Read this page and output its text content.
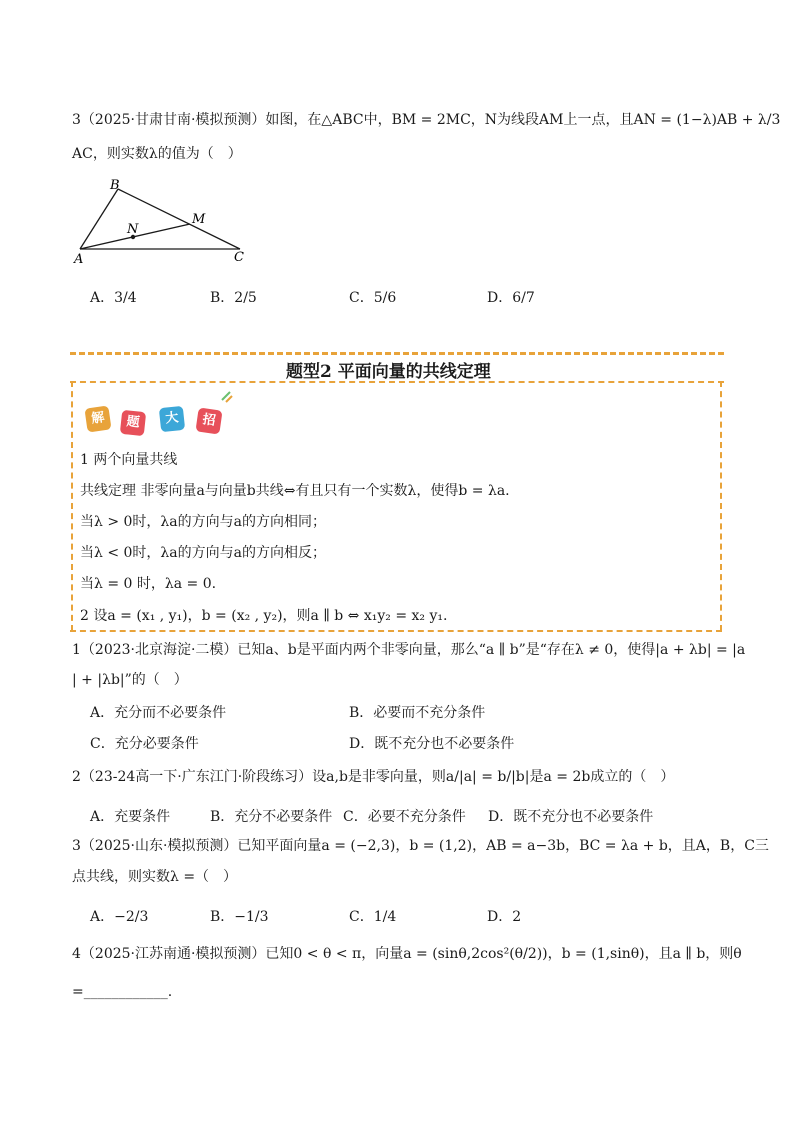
3（2025·甘肃甘南·模拟预测）如图，在△ABC中，BM = 2MC，N为线段AM上一点，且AN = (1−λ)AB + λ/3
AC，则实数λ的值为（　）
B
M
N
A	C
A．3/4	B．2/5	C．5/6	D．6/7
题型2 平面向量的共线定理
解	题	大	招
1 两个向量共线
共线定理 非零向量a与向量b共线⇔有且只有一个实数λ，使得b = λa.
当λ > 0时，λa的方向与a的方向相同；
当λ < 0时，λa的方向与a的方向相反；
当λ = 0 时，λa = 0.
2 设a = (x₁ , y₁)，b = (x₂ , y₂)，则a ∥ b ⇔ x₁y₂ = x₂ y₁.
1（2023·北京海淀·二模）已知a、b是平面内两个非零向量，那么“a ∥ b”是“存在λ ≠ 0，使得|a + λb| = |a
| + |λb|”的（　）
A．充分而不必要条件	B．必要而不充分条件
C．充分必要条件	D．既不充分也不必要条件
2（23-24高一下·广东江门·阶段练习）设a,b是非零向量，则a/|a| = b/|b|是a = 2b成立的（　）
A．充要条件	B．充分不必要条件 C．必要不充分条件 D．既不充分也不必要条件
3（2025·山东·模拟预测）已知平面向量a = (−2,3)，b = (1,2)，AB = a−3b，BC = λa + b，且A，B，C三
点共线，则实数λ =（　）
A．−2/3	B．−1/3	C．1/4	D．2
4（2025·江苏南通·模拟预测）已知0 < θ < π，向量a = (sinθ,2cos²(θ/2))，b = (1,sinθ)，且a ∥ b，则θ
=____________.
